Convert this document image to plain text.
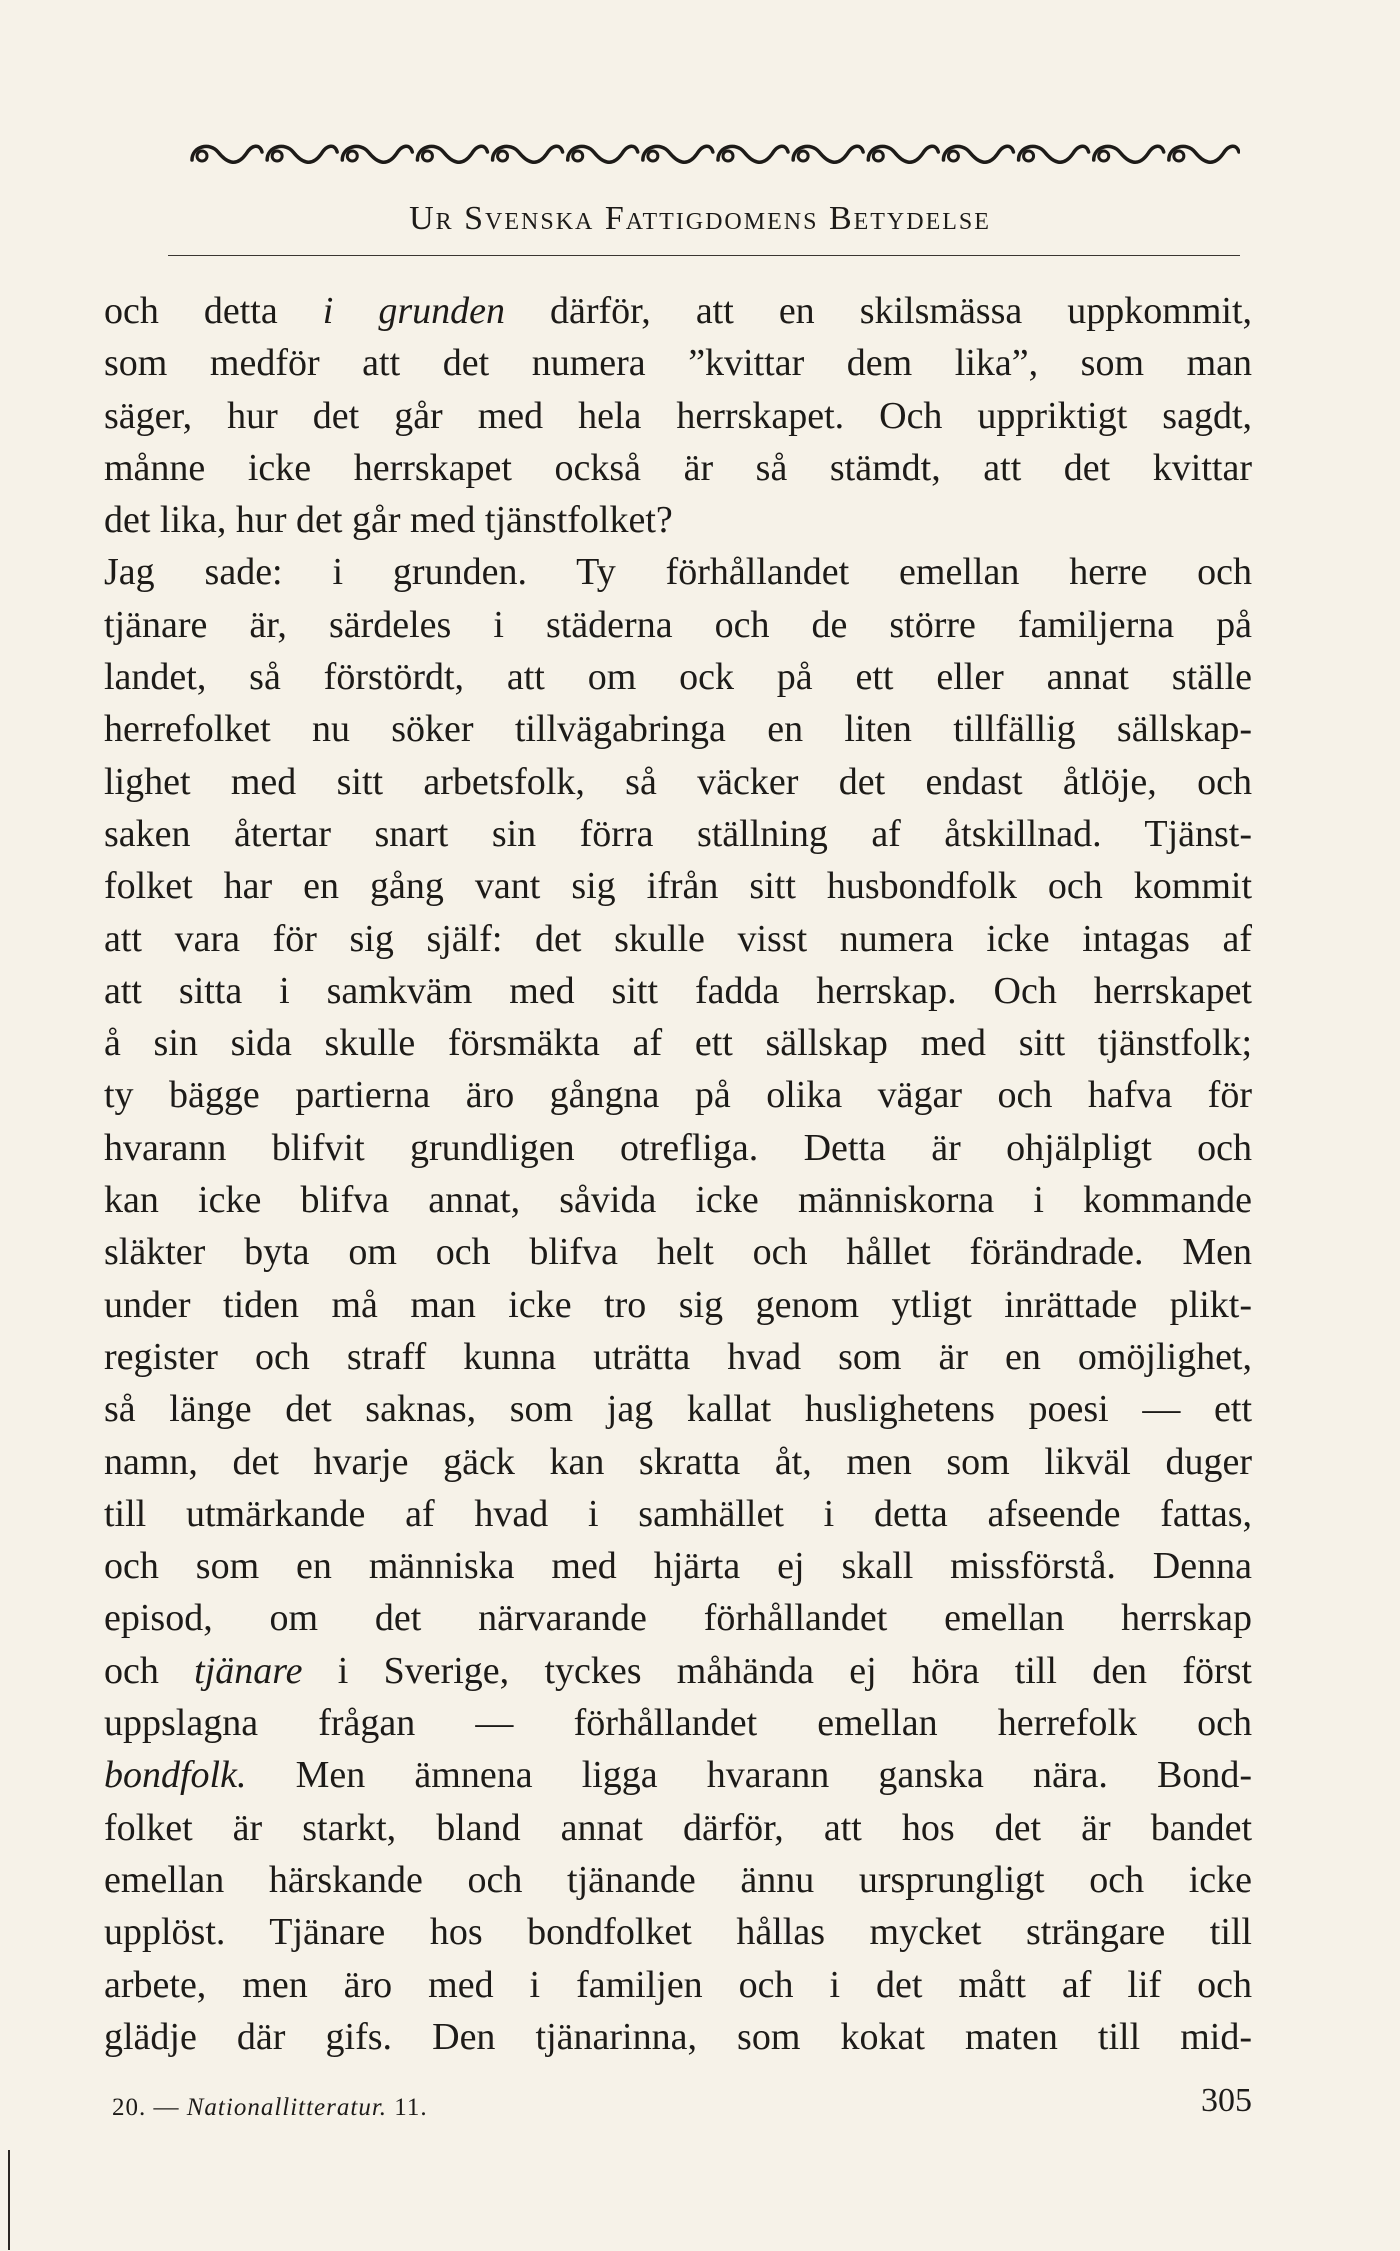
Ur Svenska Fattigdomens Betydelse
och detta i grunden därför, att en skilsmässa uppkommit,
som medför att det numera ”kvittar dem lika”, som man
säger, hur det går med hela herrskapet. Och uppriktigt sagdt,
månne icke herrskapet också är så stämdt, att det kvittar
det lika, hur det går med tjänstfolket?
Jag sade: i grunden. Ty förhållandet emellan herre och
tjänare är, särdeles i städerna och de större familjerna på
landet, så förstördt, att om ock på ett eller annat ställe
herrefolket nu söker tillvägabringa en liten tillfällig sällskap-
lighet med sitt arbetsfolk, så väcker det endast åtlöje, och
saken återtar snart sin förra ställning af åtskillnad. Tjänst-
folket har en gång vant sig ifrån sitt husbondfolk och kommit
att vara för sig själf: det skulle visst numera icke intagas af
att sitta i samkväm med sitt fadda herrskap. Och herrskapet
å sin sida skulle försmäkta af ett sällskap med sitt tjänstfolk;
ty bägge partierna äro gångna på olika vägar och hafva för
hvarann blifvit grundligen otrefliga. Detta är ohjälpligt och
kan icke blifva annat, såvida icke människorna i kommande
släkter byta om och blifva helt och hållet förändrade. Men
under tiden må man icke tro sig genom ytligt inrättade plikt-
register och straff kunna uträtta hvad som är en omöjlighet,
så länge det saknas, som jag kallat huslighetens poesi — ett
namn, det hvarje gäck kan skratta åt, men som likväl duger
till utmärkande af hvad i samhället i detta afseende fattas,
och som en människa med hjärta ej skall missförstå. Denna
episod, om det närvarande förhållandet emellan herrskap
och tjänare i Sverige, tyckes måhända ej höra till den först
uppslagna frågan — förhållandet emellan herrefolk och
bondfolk. Men ämnena ligga hvarann ganska nära. Bond-
folket är starkt, bland annat därför, att hos det är bandet
emellan härskande och tjänande ännu ursprungligt och icke
upplöst. Tjänare hos bondfolket hållas mycket strängare till
arbete, men äro med i familjen och i det mått af lif och
glädje där gifs. Den tjänarinna, som kokat maten till mid-
20. — Nationallitteratur. 11.	305
